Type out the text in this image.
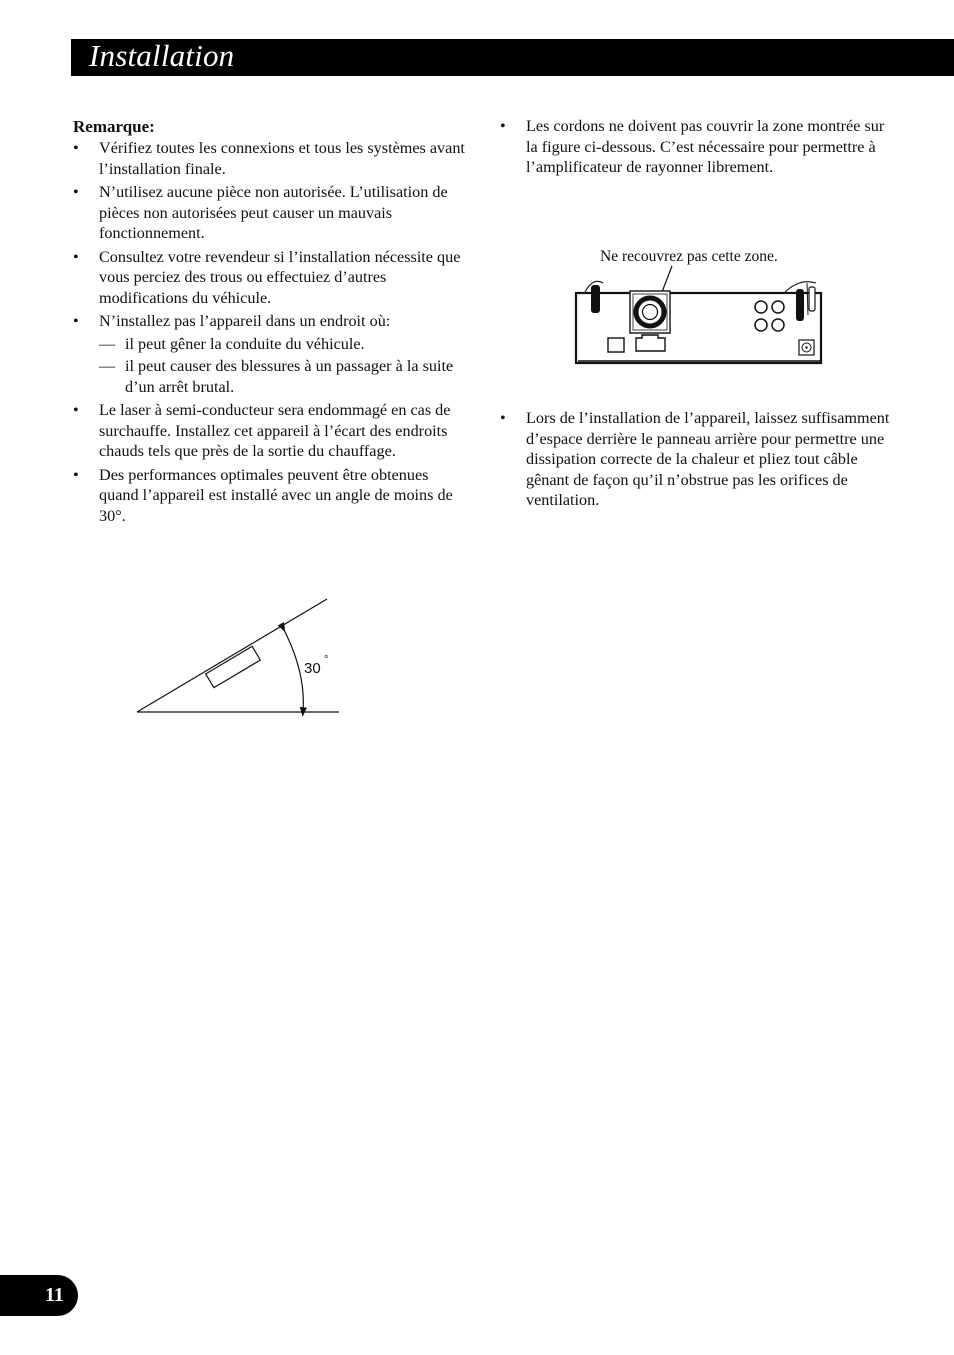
Installation

Remarque:

• Vérifiez toutes les connexions et tous les systèmes avant l’installation finale.
• N’utilisez aucune pièce non autorisée. L’utilisation de pièces non autorisées peut causer un mauvais fonctionnement.
• Consultez votre revendeur si l’installation nécessite que vous perciez des trous ou effectuiez d’autres modifications du véhicule.
• N’installez pas l’appareil dans un endroit où:
— il peut gêner la conduite du véhicule.
— il peut causer des blessures à un passager à la suite d’un arrêt brutal.
• Le laser à semi-conducteur sera endommagé en cas de surchauffe. Installez cet appareil à l’écart des endroits chauds tels que près de la sortie du chauffage.
• Des performances optimales peuvent être obtenues quand l’appareil est installé avec un angle de moins de 30°.
30 °
• Les cordons ne doivent pas couvrir la zone montrée sur la figure ci-dessous. C’est nécessaire pour permettre à l’amplificateur de rayonner librement.
Ne recouvrez pas cette zone.
• Lors de l’installation de l’appareil, laissez suffisamment d’espace derrière le panneau arrière pour permettre une dissipation correcte de la chaleur et pliez tout câble gênant de façon qu’il n’obstrue pas les orifices de ventilation.
11
